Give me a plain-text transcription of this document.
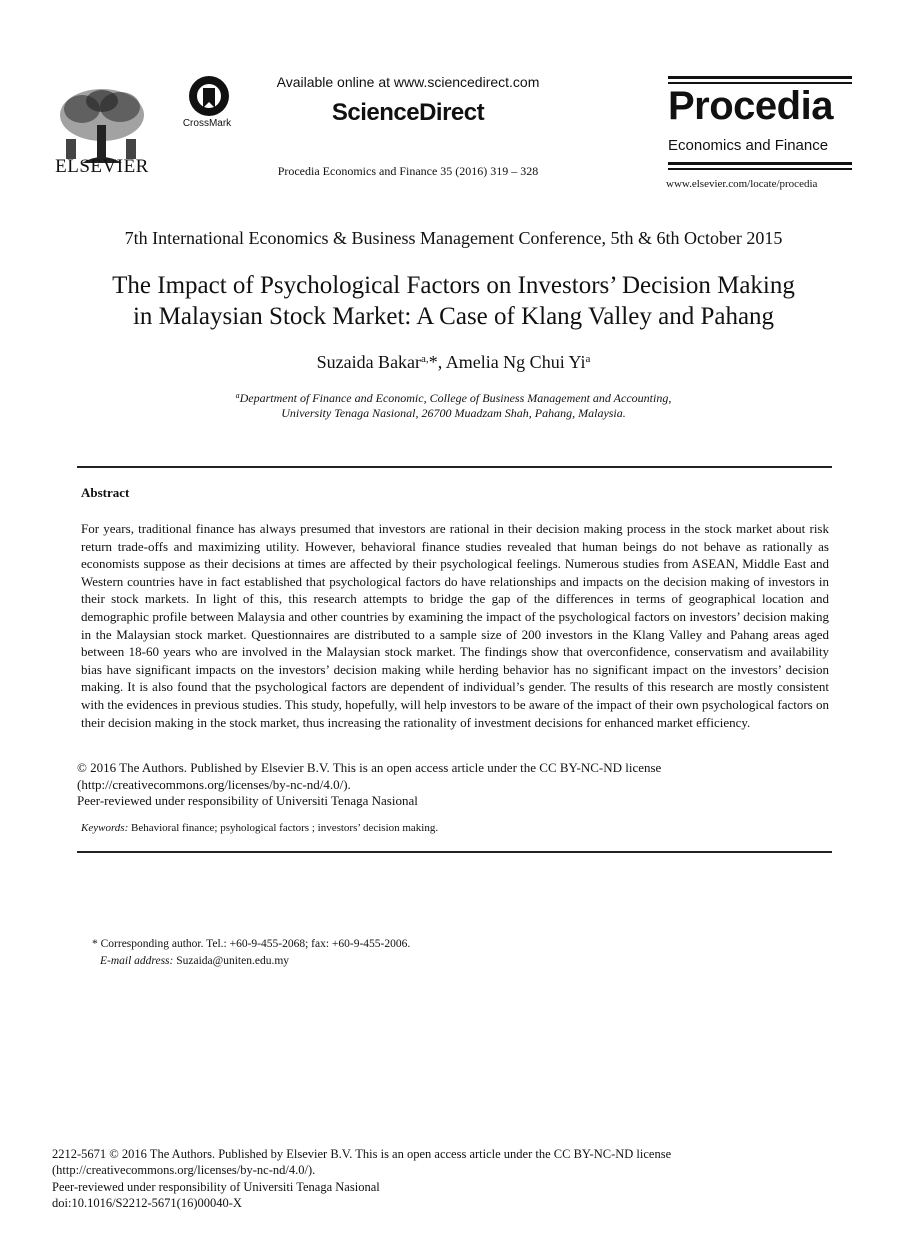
ELSEVIER
CrossMark
Available online at www.sciencedirect.com
ScienceDirect
Procedia Economics and Finance 35 (2016) 319 – 328
Procedia
Economics and Finance
www.elsevier.com/locate/procedia
7th International Economics & Business Management Conference, 5th & 6th October 2015
The Impact of Psychological Factors on Investors’ Decision Making
in Malaysian Stock Market: A Case of Klang Valley and Pahang
Suzaida Bakar$^{a,}$*, Amelia Ng Chui Yi$^a$
$^a$Department of Finance and Economic, College of Business Management and Accounting,
University Tenaga Nasional, 26700 Muadzam Shah, Pahang, Malaysia.
Abstract
For years, traditional finance has always presumed that investors are rational in their decision making process in the stock market about risk return trade-offs and maximizing utility. However, behavioral finance studies revealed that human beings do not behave as rationally as economists suppose as their decisions at times are affected by their psychological feelings. Numerous studies from ASEAN, Middle East and Western countries have in fact established that psychological factors do have relationships and impacts on the decision making of investors in their stock markets. In light of this, this research attempts to bridge the gap of the differences in terms of geographical location and demographic profile between Malaysia and other countries by examining the impact of the psychological factors on investors’ decision making in the Malaysian stock market. Questionnaires are distributed to a sample size of 200 investors in the Klang Valley and Pahang areas aged between 18-60 years who are involved in the Malaysian stock market. The findings show that overconfidence, conservatism and availability bias have significant impacts on the investors’ decision making while herding behavior has no significant impact on the investors’ decision making. It is also found that the psychological factors are dependent of individual’s gender. The results of this research are mostly consistent with the evidences in previous studies. This study, hopefully, will help investors to be aware of the impact of their own psychological factors on their decision making in the stock market, thus increasing the rationality of investment decisions for enhanced market efficiency.
© 2016 The Authors. Published by Elsevier B.V. This is an open access article under the CC BY-NC-ND license
(http://creativecommons.org/licenses/by-nc-nd/4.0/).
Peer-reviewed under responsibility of Universiti Tenaga Nasional
Keywords: Behavioral finance; psyhological factors ; investors’ decision making.
* Corresponding author. Tel.: +60-9-455-2068; fax: +60-9-455-2006.
E-mail address: Suzaida@uniten.edu.my
2212-5671 © 2016 The Authors. Published by Elsevier B.V. This is an open access article under the CC BY-NC-ND license
(http://creativecommons.org/licenses/by-nc-nd/4.0/).
Peer-reviewed under responsibility of Universiti Tenaga Nasional
doi:10.1016/S2212-5671(16)00040-X
